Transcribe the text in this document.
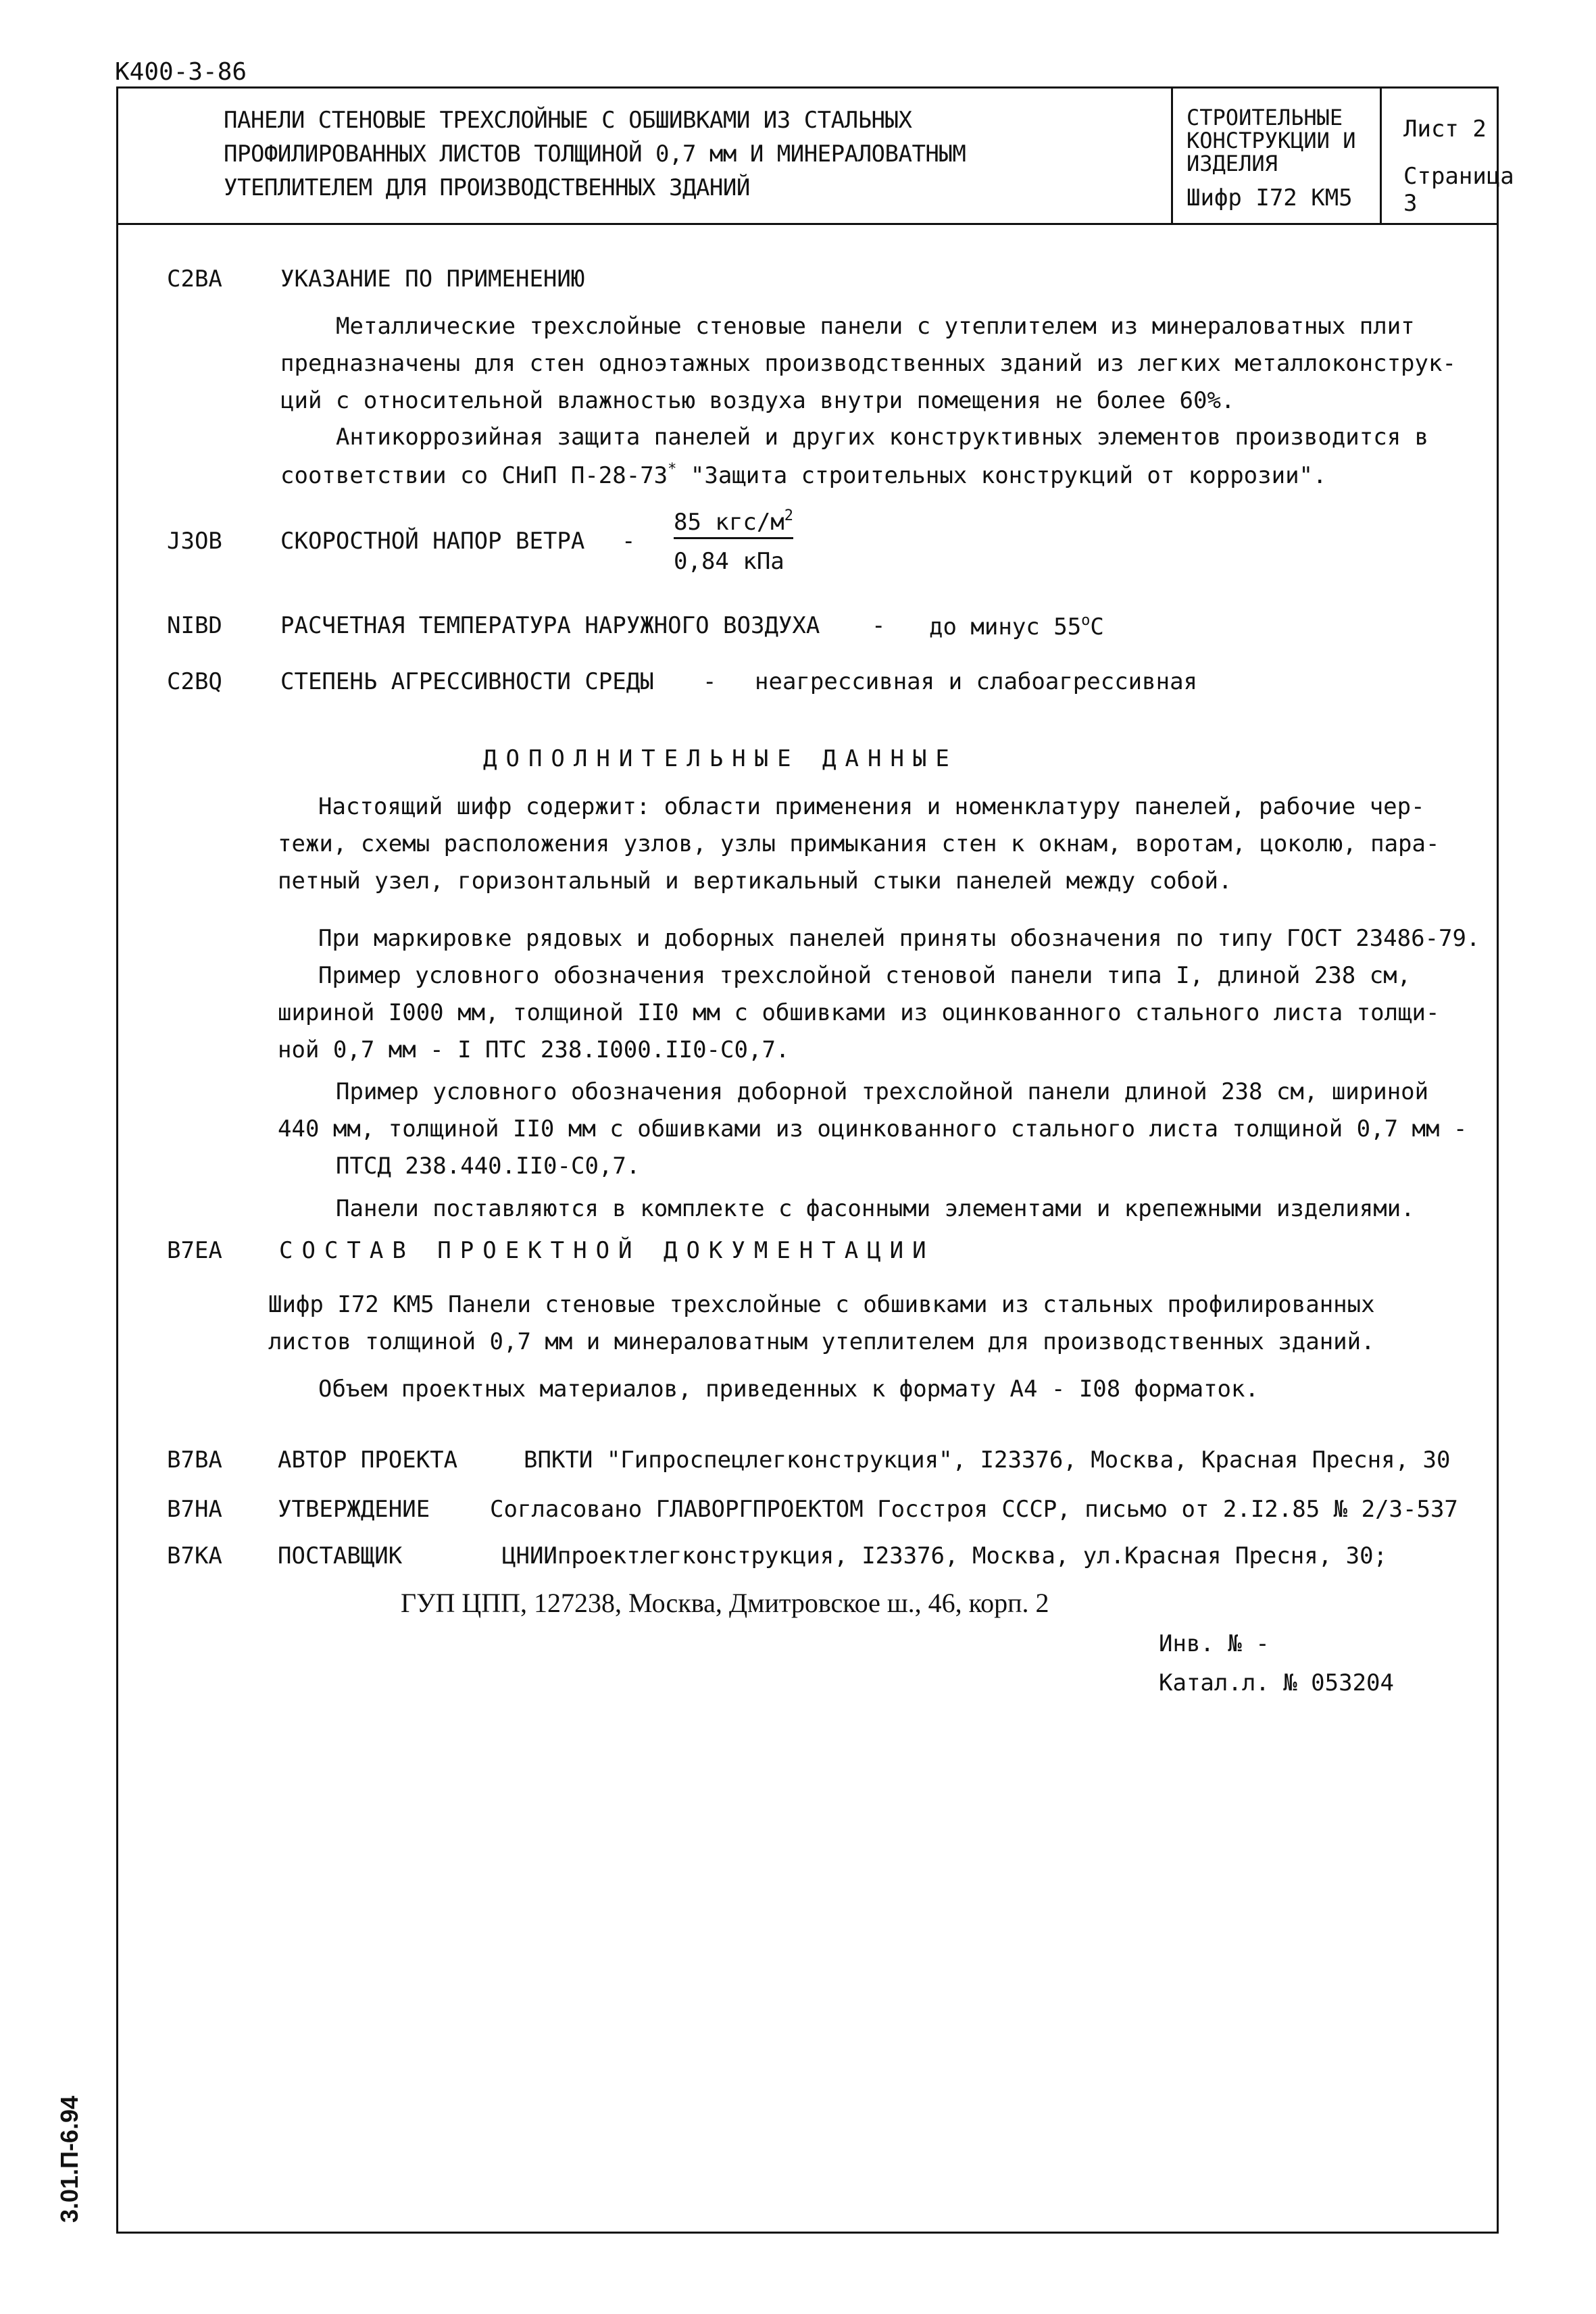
К400-3-86
3.01.П-6.94
ПАНЕЛИ СТЕНОВЫЕ ТРЕХСЛОЙНЫЕ С ОБШИВКАМИ ИЗ СТАЛЬНЫХ
ПРОФИЛИРОВАННЫХ ЛИСТОВ ТОЛЩИНОЙ 0,7 мм И МИНЕРАЛОВАТНЫМ
УТЕПЛИТЕЛЕМ ДЛЯ ПРОИЗВОДСТВЕННЫХ ЗДАНИЙ
СТРОИТЕЛЬНЫЕ
КОНСТРУКЦИИ И
ИЗДЕЛИЯ
Шифр I72 КМ5
Лист 2
Страница 3
C2BA	УКАЗАНИЕ ПО ПРИМЕНЕНИЮ
Металлические трехслойные стеновые панели с утеплителем из минераловатных плит
предназначены для стен одноэтажных производственных зданий из легких металлоконструк-
ций с относительной влажностью воздуха внутри помещения не более 60%.
Антикоррозийная защита панелей и других конструктивных элементов производится в
соответствии со СНиП П-28-73* "Защита строительных конструкций от коррозии".
J3OB	СКОРОСТНОЙ НАПОР ВЕТРА -
85 кгс/$м^2$
0,84 кПа
NIBD	РАСЧЕТНАЯ ТЕМПЕРАТУРА НАРУЖНОГО ВОЗДУХА - до минус $55^оС$
C2BQ	СТЕПЕНЬ АГРЕССИВНОСТИ СРЕДЫ - неагрессивная и слабоагрессивная
ДОПОЛНИТЕЛЬНЫЕ ДАННЫЕ
Настоящий шифр содержит: области применения и номенклатуру панелей, рабочие чер-
тежи, схемы расположения узлов, узлы примыкания стен к окнам, воротам, цоколю, пара-
петный узел, горизонтальный и вертикальный стыки панелей между собой.
При маркировке рядовых и доборных панелей приняты обозначения по типу ГОСТ 23486-79.
Пример условного обозначения трехслойной стеновой панели типа I, длиной 238 см,
шириной I000 мм, толщиной II0 мм с обшивками из оцинкованного стального листа толщи-
ной 0,7 мм - I ПТС 238.I000.II0-С0,7.
Пример условного обозначения доборной трехслойной панели длиной 238 см, шириной
440 мм, толщиной II0 мм с обшивками из оцинкованного стального листа толщиной 0,7 мм -
ПТСД 238.440.II0-С0,7.
Панели поставляются в комплекте с фасонными элементами и крепежными изделиями.
B7EA СОСТАВ ПРОЕКТНОЙ ДОКУМЕНТАЦИИ
Шифр I72 КМ5 Панели стеновые трехслойные с обшивками из стальных профилированных
листов толщиной 0,7 мм и минераловатным утеплителем для производственных зданий.
Объем проектных материалов, приведенных к формату А4 - I08 форматок.
B7BA АВТОР ПРОЕКТА	ВПКТИ "Гипроспецлегконструкция", I23376, Москва, Красная Пресня, 30
B7HA УТВЕРЖДЕНИЕ	Согласовано ГЛАВОРГПРОЕКТОМ Госстроя СССР, письмо от 2.I2.85 № 2/3-537
B7KA ПОСТАВЩИК	ЦНИИпроектлегконструкция, I23376, Москва, ул.Красная Пресня, 30;
ГУП ЦПП, 127238, Москва, Дмитровское ш., 46, корп. 2
Инв. № -
Катал.л. № 053204
